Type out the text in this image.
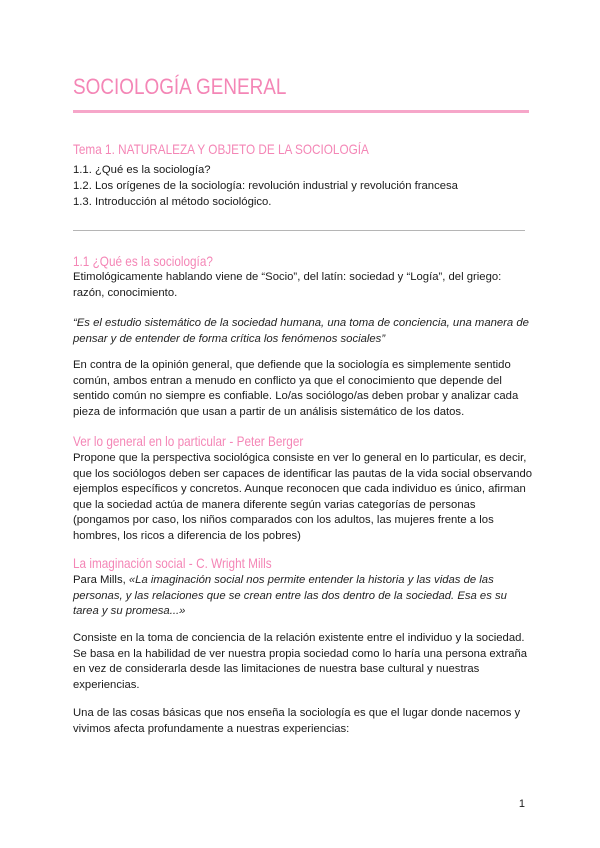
SOCIOLOGÍA GENERAL
Tema 1. NATURALEZA Y OBJETO DE LA SOCIOLOGÍA
1.1. ¿Qué es la sociología?
1.2. Los orígenes de la sociología: revolución industrial y revolución francesa
1.3. Introducción al método sociológico.
1.1 ¿Qué es la sociología?

Etimológicamente hablando viene de “Socio”, del latín: sociedad y “Logía”, del griego: razón, conocimiento.

“Es el estudio sistemático de la sociedad humana, una toma de conciencia, una manera de pensar y de entender de forma crítica los fenómenos sociales”

En contra de la opinión general, que defiende que la sociología es simplemente sentido común, ambos entran a menudo en conflicto ya que el conocimiento que depende del sentido común no siempre es confiable. Lo/as sociólogo/as deben probar y analizar cada pieza de información que usan a partir de un análisis sistemático de los datos.

Ver lo general en lo particular - Peter Berger

Propone que la perspectiva sociológica consiste en ver lo general en lo particular, es decir, que los sociólogos deben ser capaces de identificar las pautas de la vida social observando ejemplos específicos y concretos. Aunque reconocen que cada individuo es único, afirman que la sociedad actúa de manera diferente según varias categorías de personas (pongamos por caso, los niños comparados con los adultos, las mujeres frente a los hombres, los ricos a diferencia de los pobres)

La imaginación social - C. Wright Mills

Para Mills, «La imaginación social nos permite entender la historia y las vidas de las personas, y las relaciones que se crean entre las dos dentro de la sociedad. Esa es su tarea y su promesa...»

Consiste en la toma de conciencia de la relación existente entre el individuo y la sociedad. Se basa en la habilidad de ver nuestra propia sociedad como lo haría una persona extraña en vez de considerarla desde las limitaciones de nuestra base cultural y nuestras experiencias.

Una de las cosas básicas que nos enseña la sociología es que el lugar donde nacemos y vivimos afecta profundamente a nuestras experiencias:

1
